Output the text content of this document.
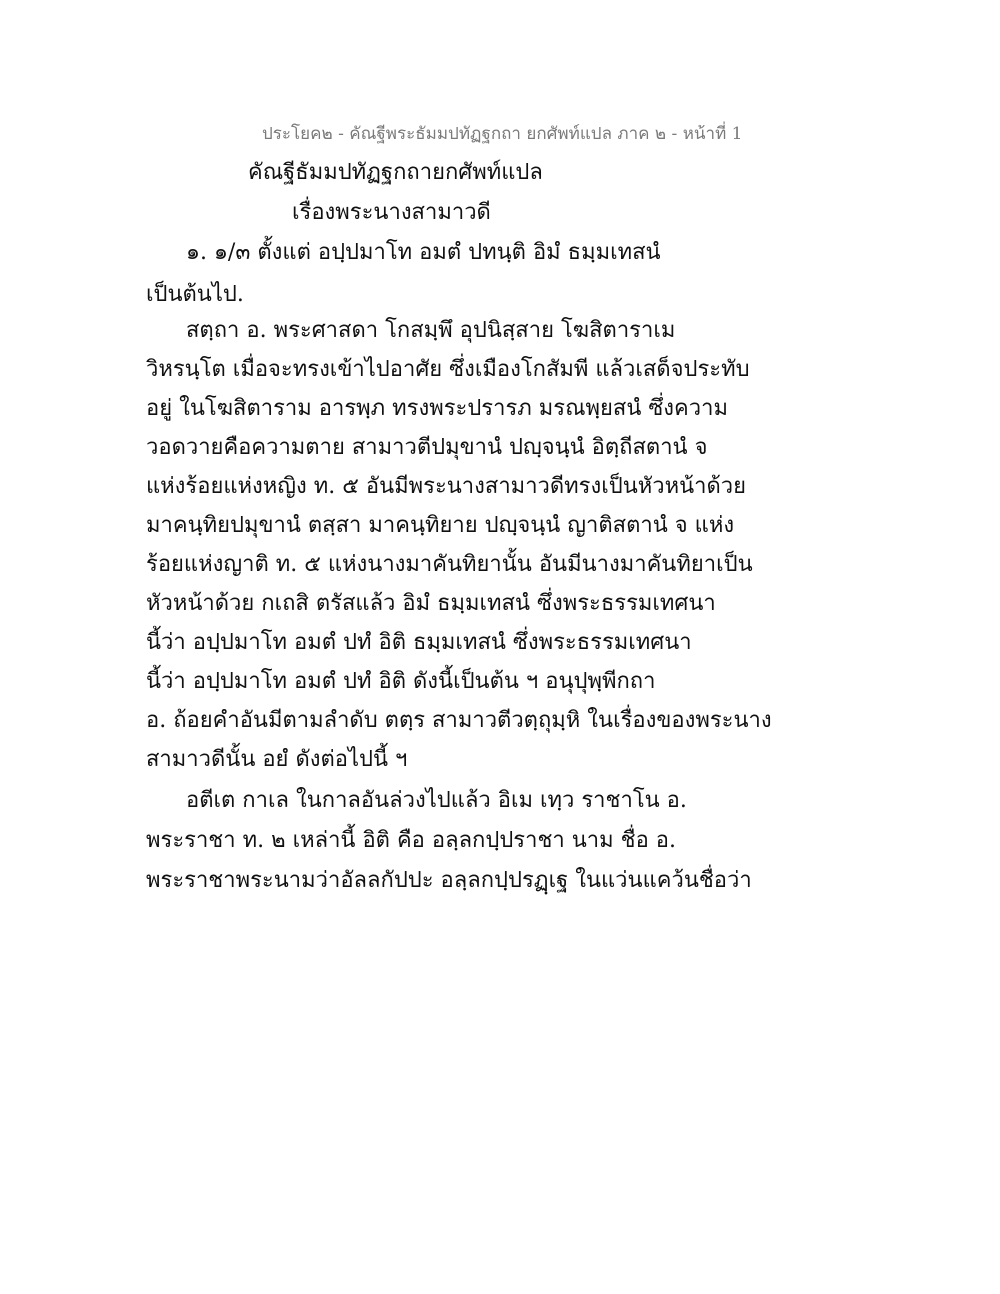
ประโยค๒ - คัณฐีพระธัมมปทัฏฐกถา ยกศัพท์แปล ภาค ๒ - หน้าที่ 1
คัณฐีธัมมปทัฏฐกถายกศัพท์แปล
เรื่องพระนางสามาวดี
๑. ๑/๓ ตั้งแต่ อปฺปมาโท อมตํ ปทนฺติ อิมํ ธมฺมเทสนํ
เป็นต้นไป.
สตฺถา อ. พระศาสดา โกสมฺพึ อุปนิสฺสาย โฆสิตาราเม
วิหรนฺโต เมื่อจะทรงเข้าไปอาศัย ซึ่งเมืองโกสัมพี แล้วเสด็จประทับ
อยู่ ในโฆสิตาราม อารพฺภ ทรงพระปรารภ มรณพฺยสนํ ซึ่งความ
วอดวายคือความตาย สามาวตีปมุขานํ ปญฺจนฺนํ อิตฺถีสตานํ จ
แห่งร้อยแห่งหญิง ท. ๕ อันมีพระนางสามาวดีทรงเป็นหัวหน้าด้วย
มาคนฺทิยปมุขานํ ตสฺสา มาคนฺทิยาย ปญฺจนฺนํ ญาติสตานํ จ แห่ง
ร้อยแห่งญาติ ท. ๕ แห่งนางมาคันทิยานั้น อันมีนางมาคันทิยาเป็น
หัวหน้าด้วย กเถสิ ตรัสแล้ว อิมํ ธมฺมเทสนํ ซึ่งพระธรรมเทศนา
นี้ว่า อปฺปมาโท อมตํ ปทํ อิติ ธมฺมเทสนํ ซึ่งพระธรรมเทศนา
นี้ว่า อปฺปมาโท อมตํ ปทํ อิติ ดังนี้เป็นต้น ฯ อนุปุพฺพีกถา
อ. ถ้อยคำอันมีตามลำดับ ตตฺร สามาวตีวตฺถุมฺหิ ในเรื่องของพระนาง
สามาวดีนั้น อยํ ดังต่อไปนี้ ฯ
อตีเต กาเล ในกาลอันล่วงไปแล้ว อิเม เทฺว ราชาโน อ.
พระราชา ท. ๒ เหล่านี้ อิติ คือ อลฺลกปฺปราชา นาม ชื่อ อ.
พระราชาพระนามว่าอัลลกัปปะ อลฺลกปฺปรฏฺเฐ ในแว่นแคว้นชื่อว่า
